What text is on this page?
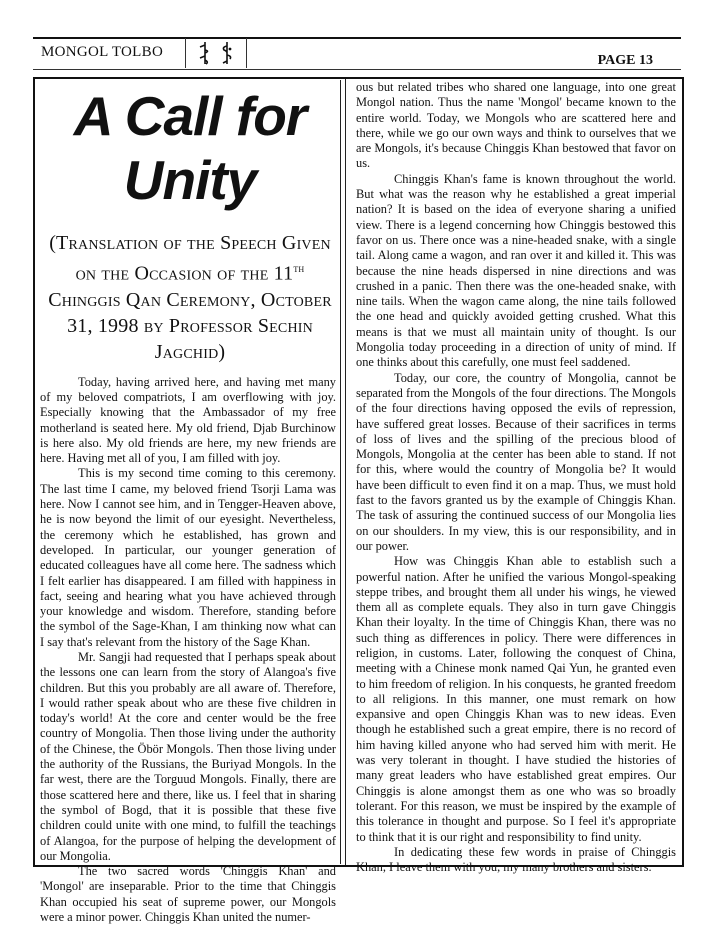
MONGOL TOLBO
PAGE 13
A Call for
Unity
(Translation of the Speech Given on the Occasion of the 11th Chinggis Qan Ceremony, October 31, 1998 by Professor Sechin Jagchid)

Today, having arrived here, and having met many of my beloved compatriots, I am overflowing with joy. Especially knowing that the Ambassador of my free motherland is seated here. My old friend, Djab Burchinow is here also. My old friends are here, my new friends are here. Having met all of you, I am filled with joy.

This is my second time coming to this ceremony. The last time I came, my beloved friend Tsorji Lama was here. Now I cannot see him, and in Tengger-Heaven above, he is now beyond the limit of our eyesight. Nevertheless, the ceremony which he established, has grown and developed. In particular, our younger generation of educated colleagues have all come here. The sadness which I felt earlier has disappeared. I am filled with happiness in fact, seeing and hearing what you have achieved through your knowledge and wisdom. Therefore, standing before the symbol of the Sage-Khan, I am thinking now what can I say that's relevant from the history of the Sage Khan.

Mr. Sangji had requested that I perhaps speak about the lessons one can learn from the story of Alangoa's five children. But this you probably are all aware of. Therefore, I would rather speak about who are these five children in today's world! At the core and center would be the free country of Mongolia. Then those living under the authority of the Chinese, the Öbör Mongols. Then those living under the authority of the Russians, the Buriyad Mongols. In the far west, there are the Torguud Mongols. Finally, there are those scattered here and there, like us. I feel that in sharing the symbol of Bogd, that it is possible that these five children could unite with one mind, to fulfill the teachings of Alangoa, for the purpose of helping the development of our Mongolia.

The two sacred words 'Chinggis Khan' and 'Mongol' are inseparable. Prior to the time that Chinggis Khan occupied his seat of supreme power, our Mongols were a minor power. Chinggis Khan united the numer-

ous but related tribes who shared one language, into one great Mongol nation. Thus the name 'Mongol' became known to the entire world. Today, we Mongols who are scattered here and there, while we go our own ways and think to ourselves that we are Mongols, it's because Chinggis Khan bestowed that favor on us.

Chinggis Khan's fame is known throughout the world. But what was the reason why he established a great imperial nation? It is based on the idea of everyone sharing a unified view. There is a legend concerning how Chinggis bestowed this favor on us. There once was a nine-headed snake, with a single tail. Along came a wagon, and ran over it and killed it. This was because the nine heads dispersed in nine directions and was crushed in a panic. Then there was the one-headed snake, with nine tails. When the wagon came along, the nine tails followed the one head and quickly avoided getting crushed. What this means is that we must all maintain unity of thought. Is our Mongolia today proceeding in a direction of unity of mind. If one thinks about this carefully, one must feel saddened.

Today, our core, the country of Mongolia, cannot be separated from the Mongols of the four directions. The Mongols of the four directions having opposed the evils of repression, have suffered great losses. Because of their sacrifices in terms of loss of lives and the spilling of the precious blood of Mongols, Mongolia at the center has been able to stand. If not for this, where would the country of Mongolia be? It would have been difficult to even find it on a map. Thus, we must hold fast to the favors granted us by the example of Chinggis Khan. The task of assuring the continued success of our Mongolia lies on our shoulders. In my view, this is our responsibility, and in our power.

How was Chinggis Khan able to establish such a powerful nation. After he unified the various Mongol-speaking steppe tribes, and brought them all under his wings, he viewed them all as complete equals. They also in turn gave Chinggis Khan their loyalty. In the time of Chinggis Khan, there was no such thing as differences in policy. There were differences in religion, in customs. Later, following the conquest of China, meeting with a Chinese monk named Qai Yun, he granted even to him freedom of religion. In his conquests, he granted freedom to all religions. In this manner, one must remark on how expansive and open Chinggis Khan was to new ideas. Even though he established such a great empire, there is no record of him having killed anyone who had served him with merit. He was very tolerant in thought. I have studied the histories of many great leaders who have established great empires. Our Chinggis is alone amongst them as one who was so broadly tolerant. For this reason, we must be inspired by the example of this tolerance in thought and purpose. So I feel it's appropriate to think that it is our right and responsibility to find unity.

In dedicating these few words in praise of Chinggis Khan, I leave them with you, my many brothers and sisters.
